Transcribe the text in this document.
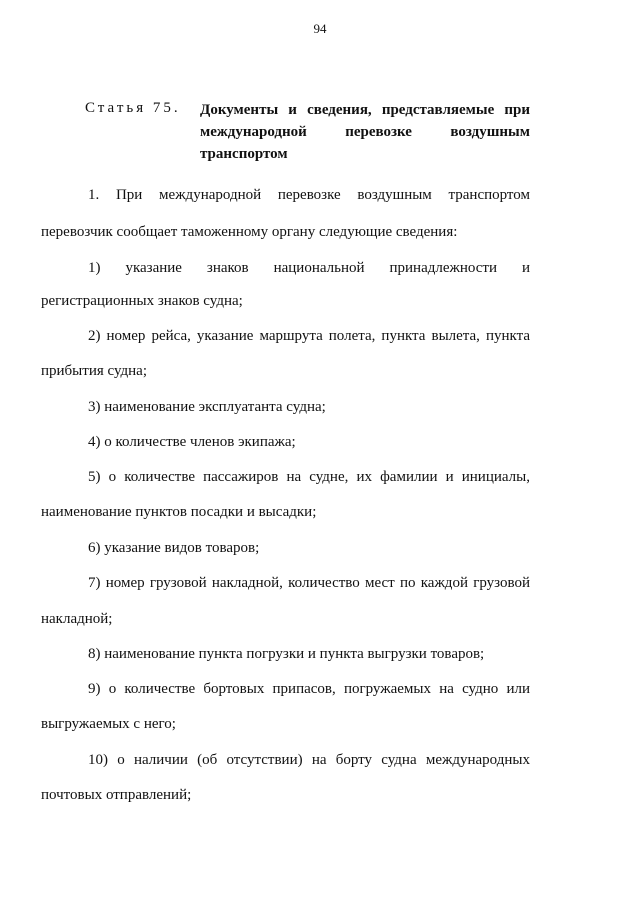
94
Статья 75. Документы и сведения, представляемые при
международной перевозке воздушным
транспортом
1. При международной перевозке воздушным транспортом
перевозчик сообщает таможенному органу следующие сведения:
1) указание знаков национальной принадлежности и
регистрационных знаков судна;
2) номер рейса, указание маршрута полета, пункта вылета, пункта
прибытия судна;
3) наименование эксплуатанта судна;
4) о количестве членов экипажа;
5) о количестве пассажиров на судне, их фамилии и инициалы,
наименование пунктов посадки и высадки;
6) указание видов товаров;
7) номер грузовой накладной, количество мест по каждой грузовой
накладной;
8) наименование пункта погрузки и пункта выгрузки товаров;
9) о количестве бортовых припасов, погружаемых на судно или
выгружаемых с него;
10) о наличии (об отсутствии) на борту судна международных
почтовых отправлений;
